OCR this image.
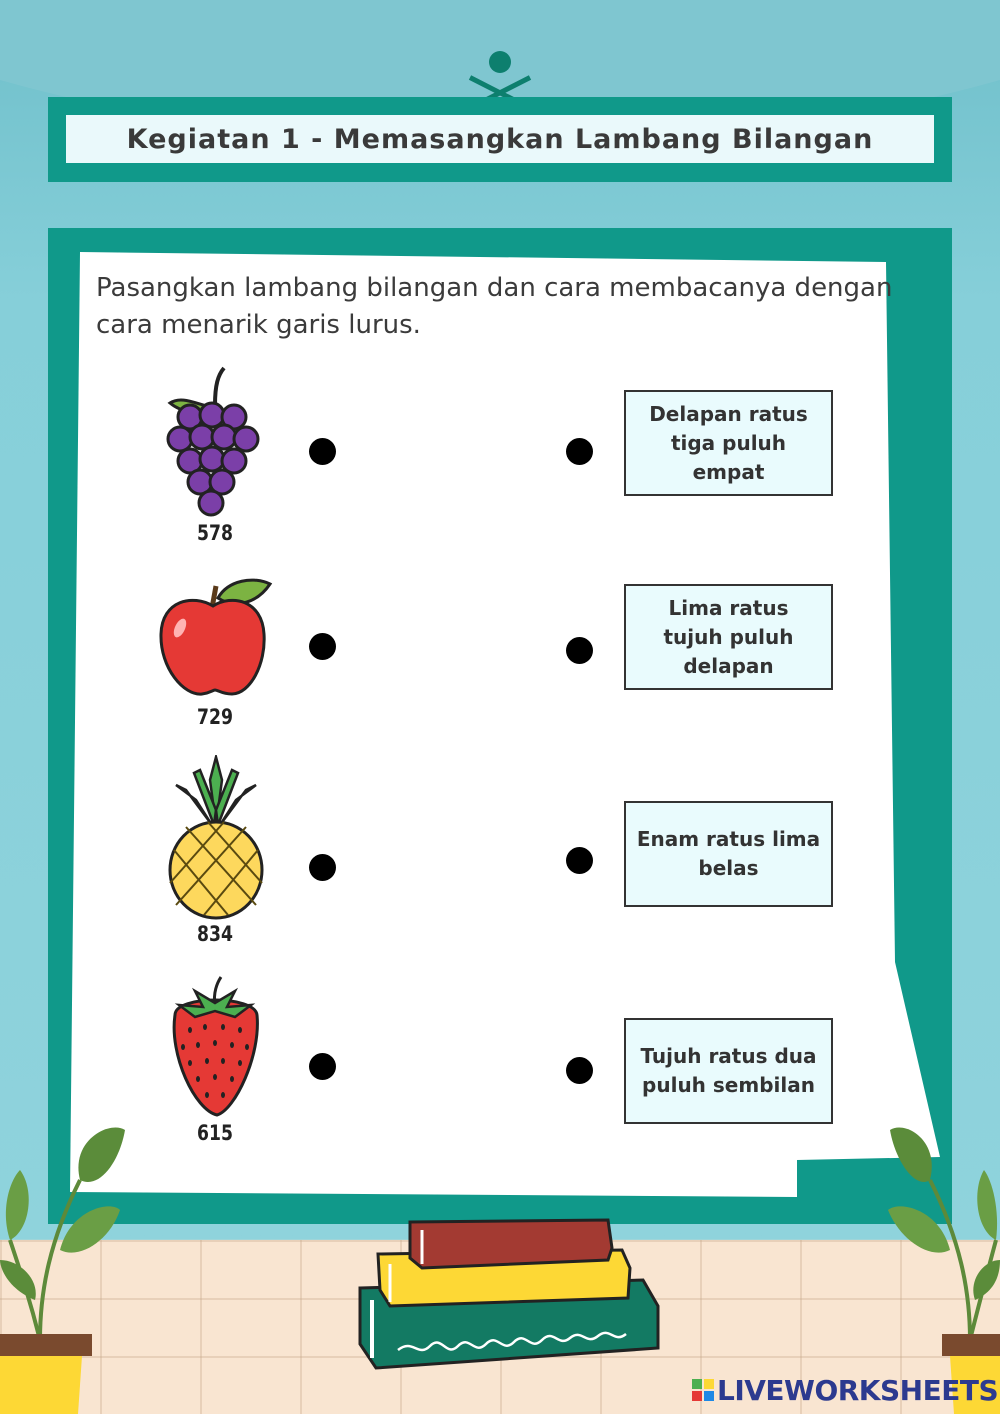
Kegiatan 1 - Memasangkan Lambang Bilangan
Pasangkan lambang bilangan dan cara membacanya dengan cara menarik garis lurus.
578
729
834
615
Delapan ratus tiga puluh empat
Lima ratus tujuh puluh delapan
Enam ratus lima belas
Tujuh ratus dua puluh sembilan
LIVEWORKSHEETS
